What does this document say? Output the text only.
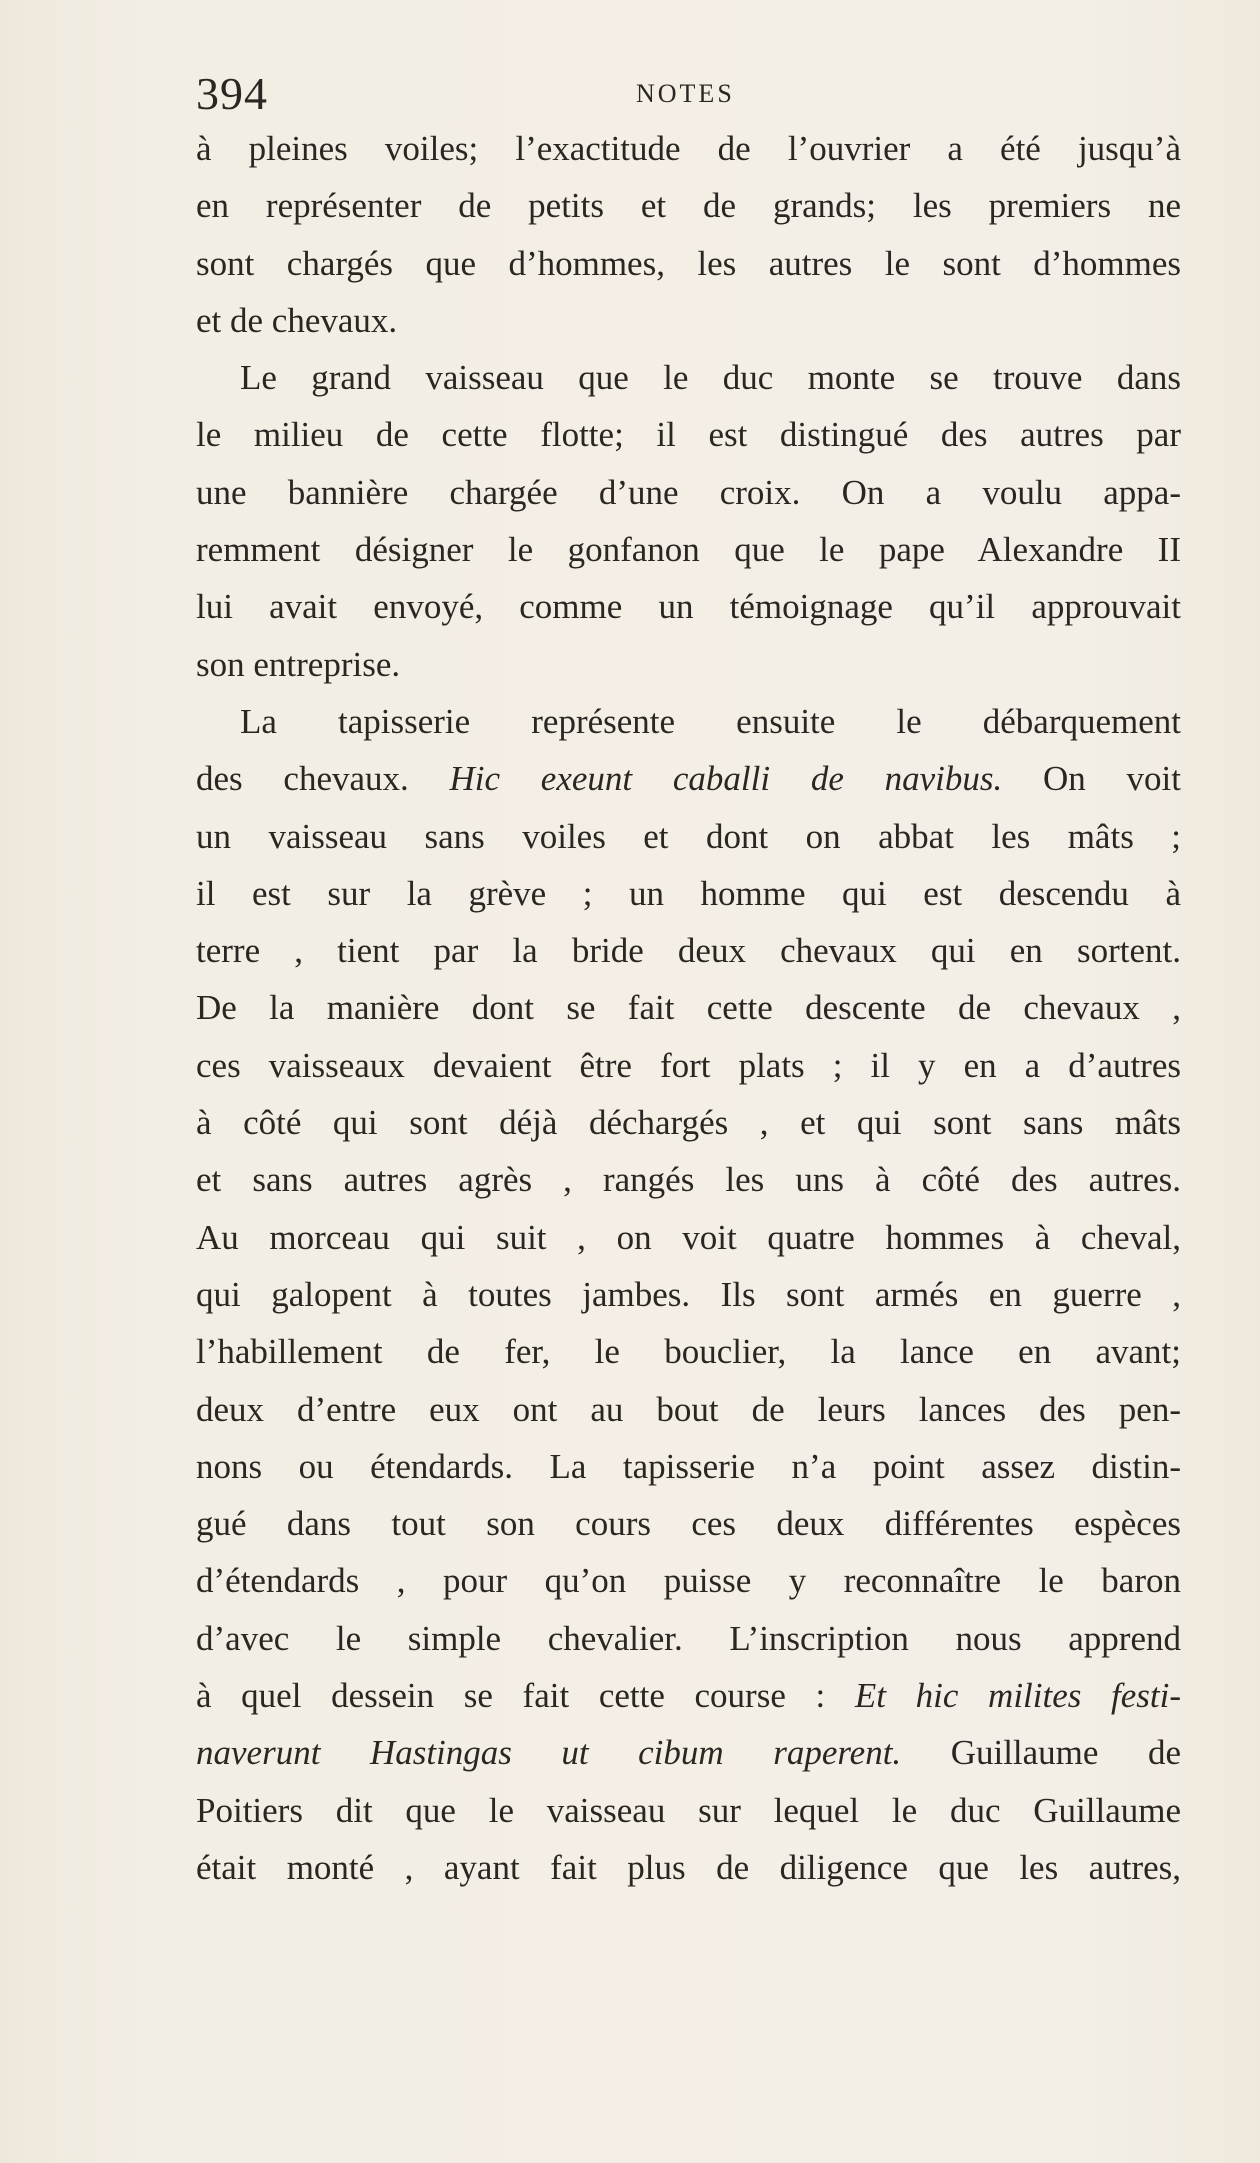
394	NOTES
à pleines voiles; l’exactitude de l’ouvrier a été jusqu’à
en représenter de petits et de grands; les premiers ne
sont chargés que d’hommes, les autres le sont d’hommes
et de chevaux.
Le grand vaisseau que le duc monte se trouve dans
le milieu de cette flotte; il est distingué des autres par
une bannière chargée d’une croix. On a voulu appa-
remment désigner le gonfanon que le pape Alexandre II
lui avait envoyé, comme un témoignage qu’il approuvait
son entreprise.
La tapisserie représente ensuite le débarquement
des chevaux. Hic exeunt caballi de navibus. On voit
un vaisseau sans voiles et dont on abbat les mâts ;
il est sur la grève ; un homme qui est descendu à
terre , tient par la bride deux chevaux qui en sortent.
De la manière dont se fait cette descente de chevaux ,
ces vaisseaux devaient être fort plats ; il y en a d’autres
à côté qui sont déjà déchargés , et qui sont sans mâts
et sans autres agrès , rangés les uns à côté des autres.
Au morceau qui suit , on voit quatre hommes à cheval,
qui galopent à toutes jambes. Ils sont armés en guerre ,
l’habillement de fer, le bouclier, la lance en avant;
deux d’entre eux ont au bout de leurs lances des pen-
nons ou étendards. La tapisserie n’a point assez distin-
gué dans tout son cours ces deux différentes espèces
d’étendards , pour qu’on puisse y reconnaître le baron
d’avec le simple chevalier. L’inscription nous apprend
à quel dessein se fait cette course : Et hic milites festi-
naverunt Hastingas ut cibum raperent. Guillaume de
Poitiers dit que le vaisseau sur lequel le duc Guillaume
était monté , ayant fait plus de diligence que les autres,
